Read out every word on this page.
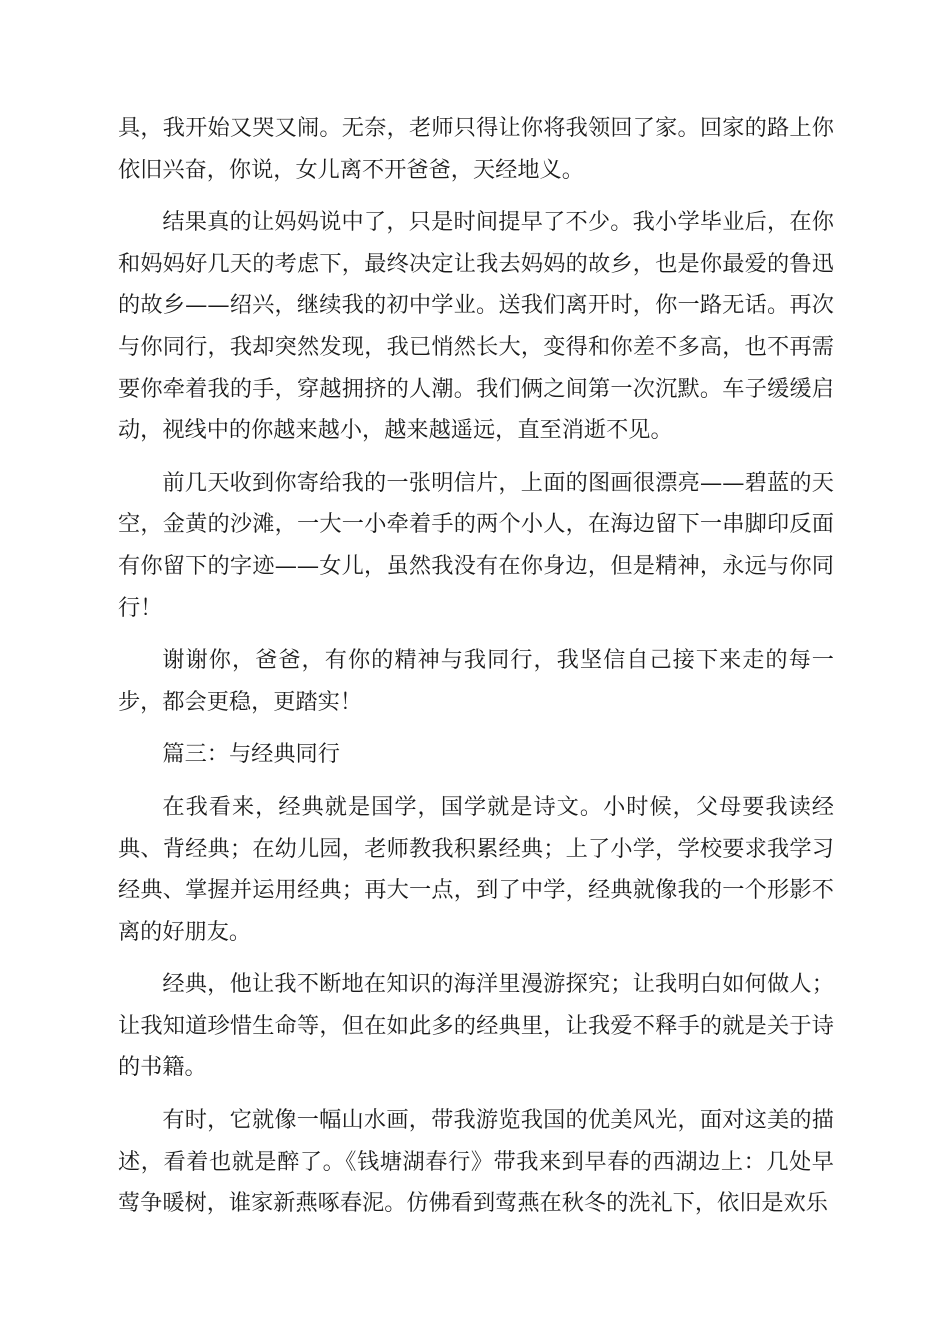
具，我开始又哭又闹。无奈，老师只得让你将我领回了家。回家的路上你依旧兴奋，你说，女儿离不开爸爸，天经地义。

结果真的让妈妈说中了，只是时间提早了不少。我小学毕业后，在你和妈妈好几天的考虑下，最终决定让我去妈妈的故乡，也是你最爱的鲁迅的故乡——绍兴，继续我的初中学业。送我们离开时，你一路无话。再次与你同行，我却突然发现，我已悄然长大，变得和你差不多高，也不再需要你牵着我的手，穿越拥挤的人潮。我们俩之间第一次沉默。车子缓缓启动，视线中的你越来越小，越来越遥远，直至消逝不见。

前几天收到你寄给我的一张明信片，上面的图画很漂亮——碧蓝的天空，金黄的沙滩，一大一小牵着手的两个小人，在海边留下一串脚印反面有你留下的字迹——女儿，虽然我没有在你身边，但是精神，永远与你同行！

谢谢你，爸爸，有你的精神与我同行，我坚信自己接下来走的每一步，都会更稳，更踏实！

篇三：与经典同行

在我看来，经典就是国学，国学就是诗文。小时候，父母要我读经典、背经典；在幼儿园，老师教我积累经典；上了小学，学校要求我学习经典、掌握并运用经典；再大一点，到了中学，经典就像我的一个形影不离的好朋友。

经典，他让我不断地在知识的海洋里漫游探究；让我明白如何做人；让我知道珍惜生命等，但在如此多的经典里，让我爱不释手的就是关于诗的书籍。

有时，它就像一幅山水画，带我游览我国的优美风光，面对这美的描述，看着也就是醉了。《钱塘湖春行》带我来到早春的西湖边上：几处早莺争暖树，谁家新燕啄春泥。仿佛看到莺燕在秋冬的洗礼下，依旧是欢乐
